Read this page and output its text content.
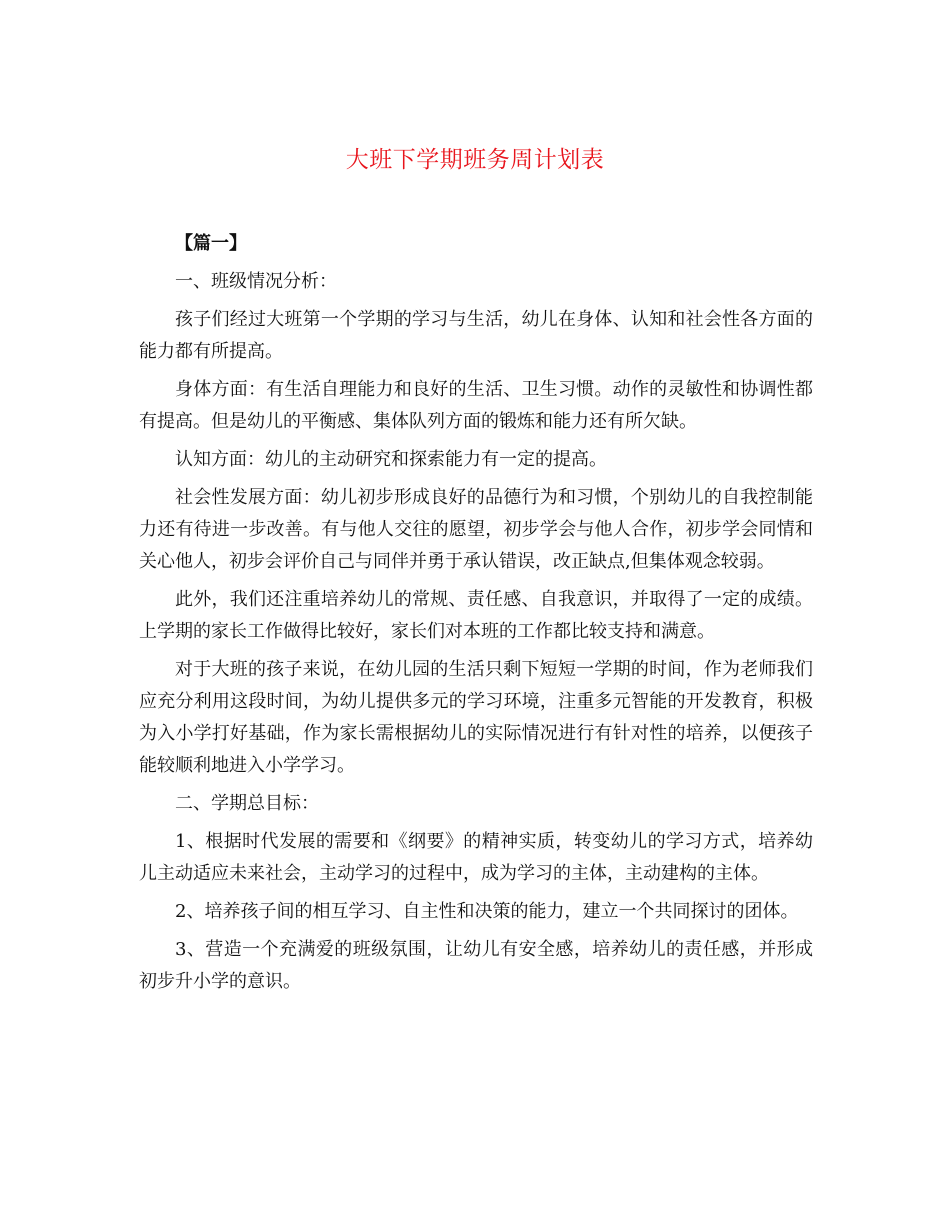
大班下学期班务周计划表

【篇一】

一、班级情况分析：

孩子们经过大班第一个学期的学习与生活，幼儿在身体、认知和社会性各方面的能力都有所提高。

身体方面：有生活自理能力和良好的生活、卫生习惯。动作的灵敏性和协调性都有提高。但是幼儿的平衡感、集体队列方面的锻炼和能力还有所欠缺。

认知方面：幼儿的主动研究和探索能力有一定的提高。

社会性发展方面：幼儿初步形成良好的品德行为和习惯，个别幼儿的自我控制能力还有待进一步改善。有与他人交往的愿望，初步学会与他人合作，初步学会同情和关心他人，初步会评价自己与同伴并勇于承认错误，改正缺点,但集体观念较弱。

此外，我们还注重培养幼儿的常规、责任感、自我意识，并取得了一定的成绩。上学期的家长工作做得比较好，家长们对本班的工作都比较支持和满意。

对于大班的孩子来说，在幼儿园的生活只剩下短短一学期的时间，作为老师我们应充分利用这段时间，为幼儿提供多元的学习环境，注重多元智能的开发教育，积极为入小学打好基础，作为家长需根据幼儿的实际情况进行有针对性的培养，以便孩子能较顺利地进入小学学习。

二、学期总目标：

1、根据时代发展的需要和《纲要》的精神实质，转变幼儿的学习方式，培养幼儿主动适应未来社会，主动学习的过程中，成为学习的主体，主动建构的主体。

2、培养孩子间的相互学习、自主性和决策的能力，建立一个共同探讨的团体。

3、营造一个充满爱的班级氛围，让幼儿有安全感，培养幼儿的责任感，并形成初步升小学的意识。
